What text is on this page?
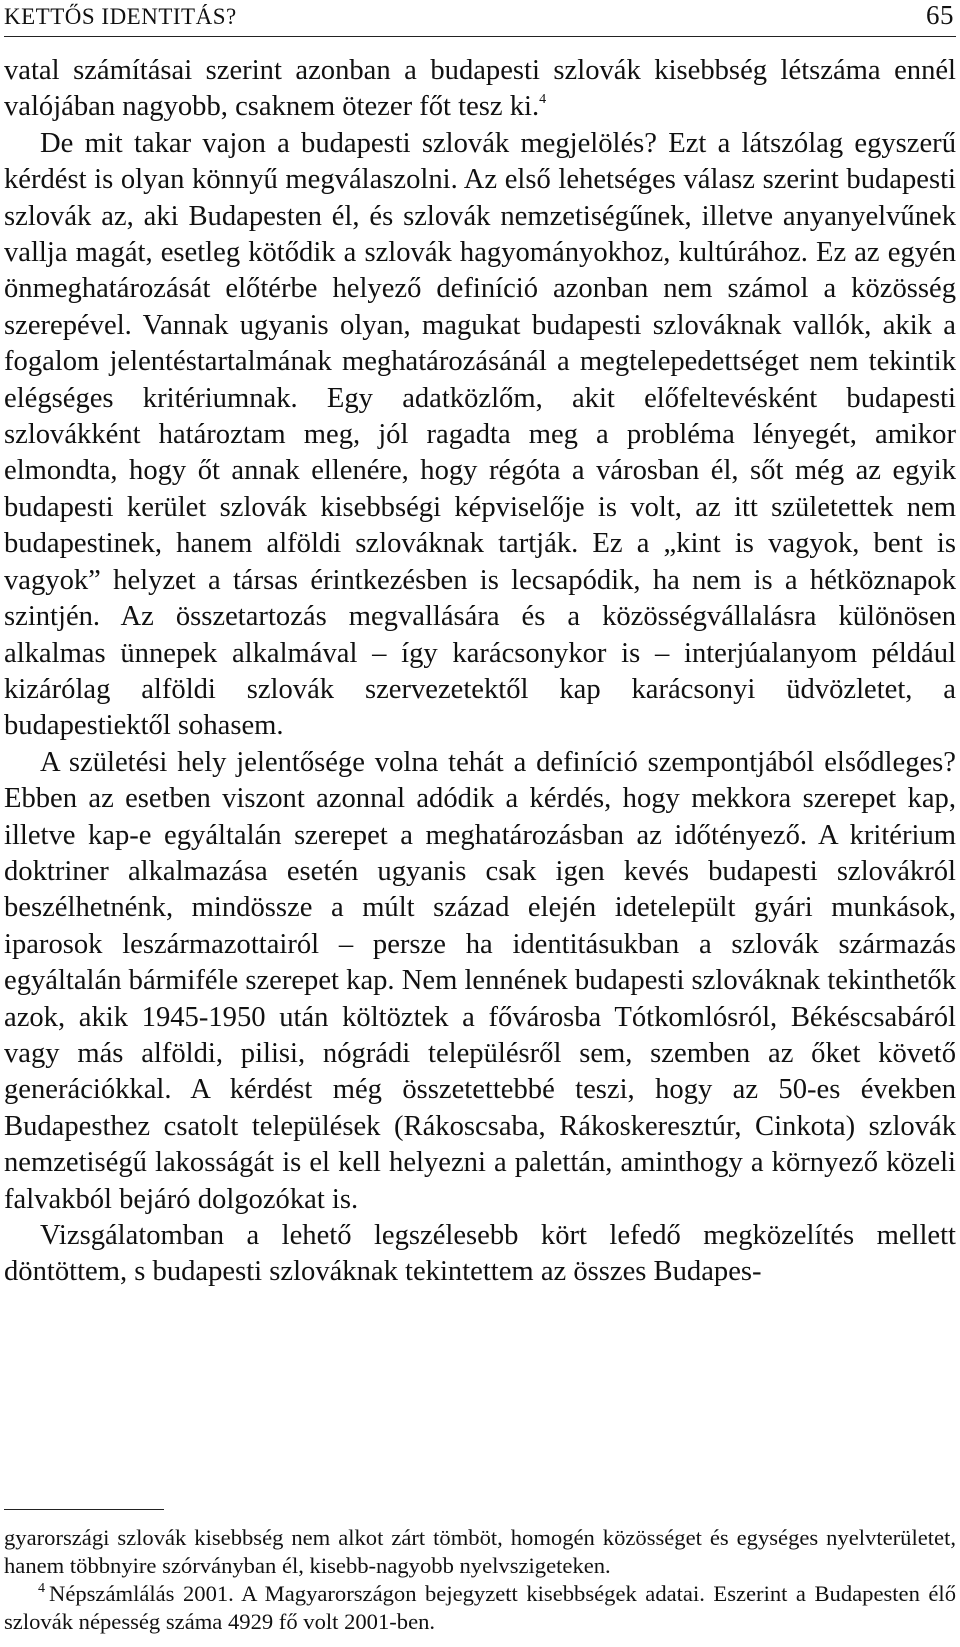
KETTŐS IDENTITÁS?	65

vatal számításai szerint azonban a budapesti szlovák kisebbség létszáma ennél valójában nagyobb, csaknem ötezer főt tesz ki.$^4$

De mit takar vajon a budapesti szlovák megjelölés? Ezt a látszólag egyszerű kérdést is olyan könnyű megválaszolni. Az első lehetséges válasz szerint budapesti szlovák az, aki Budapesten él, és szlovák nemzetiségűnek, illetve anyanyelvűnek vallja magát, esetleg kötődik a szlovák hagyományokhoz, kultúrához. Ez az egyén önmeghatározását előtérbe helyező definíció azonban nem számol a közösség szerepével. Vannak ugyanis olyan, magukat budapesti szlováknak vallók, akik a fogalom jelentéstartalmának meghatározásánál a megtelepedettséget nem tekintik elégséges kritériumnak. Egy adatközlőm, akit előfeltevésként budapesti szlovákként határoztam meg, jól ragadta meg a probléma lényegét, amikor elmondta, hogy őt annak ellenére, hogy régóta a városban él, sőt még az egyik budapesti kerület szlovák kisebbségi képviselője is volt, az itt születettek nem budapestinek, hanem alföldi szlováknak tartják. Ez a „kint is vagyok, bent is vagyok” helyzet a társas érintkezésben is lecsapódik, ha nem is a hétköznapok szintjén. Az összetartozás megvallására és a közösségvállalásra különösen alkalmas ünnepek alkalmával – így karácsonykor is – interjúalanyom például kizárólag alföldi szlovák szervezetektől kap karácsonyi üdvözletet, a budapestiektől sohasem.

A születési hely jelentősége volna tehát a definíció szempontjából elsődleges? Ebben az esetben viszont azonnal adódik a kérdés, hogy mekkora szerepet kap, illetve kap-e egyáltalán szerepet a meghatározásban az időtényező. A kritérium doktriner alkalmazása esetén ugyanis csak igen kevés budapesti szlovákról beszélhetnénk, mindössze a múlt század elején idetelepült gyári munkások, iparosok leszármazottairól – persze ha identitásukban a szlovák származás egyáltalán bármiféle szerepet kap. Nem lennének budapesti szlováknak tekinthetők azok, akik 1945-1950 után költöztek a fővárosba Tótkomlósról, Békéscsabáról vagy más alföldi, pilisi, nógrádi településről sem, szemben az őket követő generációkkal. A kérdést még összetettebbé teszi, hogy az 50-es években Budapesthez csatolt települések (Rákoscsaba, Rákoskeresztúr, Cinkota) szlovák nemzetiségű lakosságát is el kell helyezni a palettán, aminthogy a környező közeli falvakból bejáró dolgozókat is.

Vizsgálatomban a lehető legszélesebb kört lefedő megközelítés mellett döntöttem, s budapesti szlováknak tekintettem az összes Budapes-

gyarországi szlovák kisebbség nem alkot zárt tömböt, homogén közösséget és egységes nyelvterületet, hanem többnyire szórványban él, kisebb-nagyobb nyelvszigeteken.

$^4$ Népszámlálás 2001. A Magyarországon bejegyzett kisebbségek adatai. Eszerint a Budapesten élő szlovák népesség száma 4929 fő volt 2001-ben.
